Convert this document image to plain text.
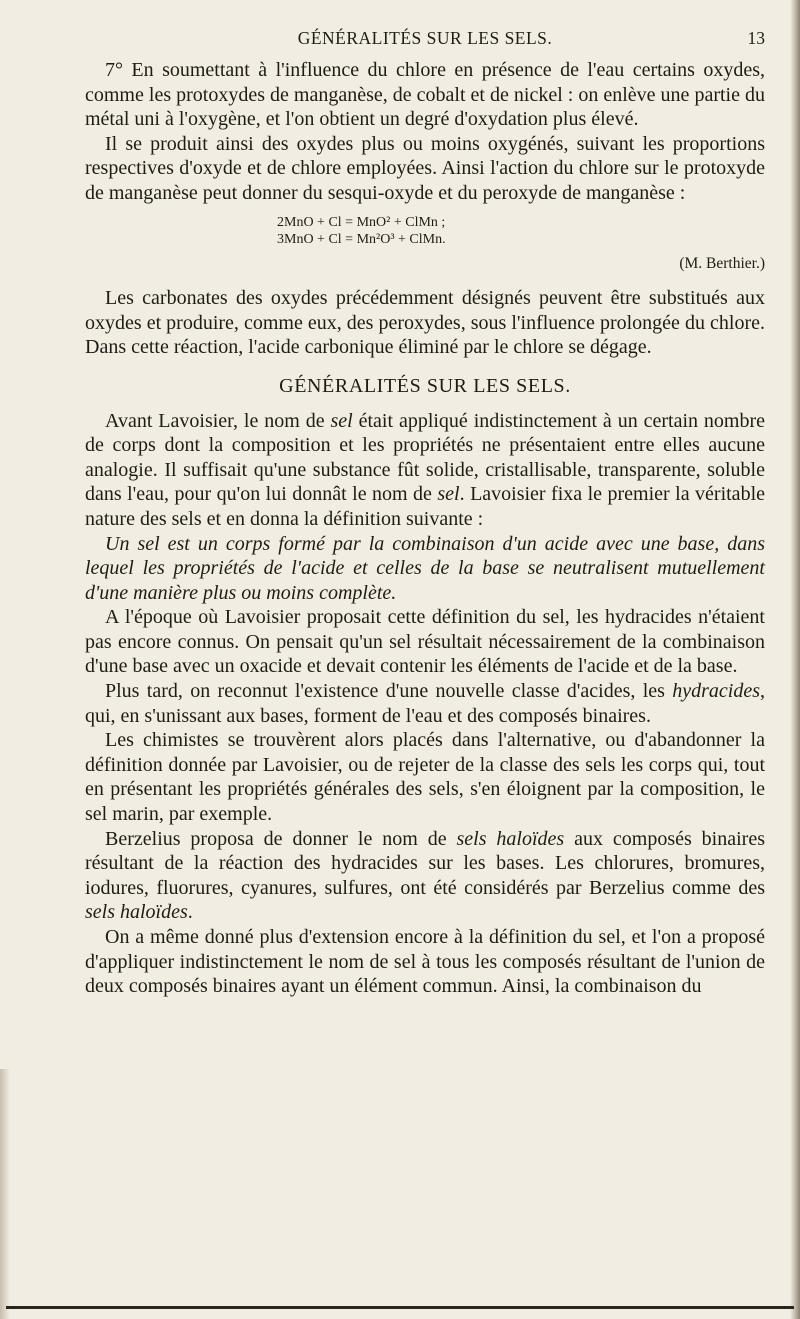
GÉNÉRALITÉS SUR LES SELS.	13

7° En soumettant à l'influence du chlore en présence de l'eau certains oxydes, comme les protoxydes de manganèse, de cobalt et de nickel : on enlève une partie du métal uni à l'oxygène, et l'on obtient un degré d'oxydation plus élevé.

Il se produit ainsi des oxydes plus ou moins oxygénés, suivant les proportions respectives d'oxyde et de chlore employées. Ainsi l'action du chlore sur le protoxyde de manganèse peut donner du sesqui-oxyde et du peroxyde de manganèse :

2MnO + Cl = MnO² + ClMn ;
3MnO + Cl = Mn²O³ + ClMn.
(M. Berthier.)

Les carbonates des oxydes précédemment désignés peuvent être substitués aux oxydes et produire, comme eux, des peroxydes, sous l'influence prolongée du chlore. Dans cette réaction, l'acide carbonique éliminé par le chlore se dégage.

GÉNÉRALITÉS SUR LES SELS.

Avant Lavoisier, le nom de sel était appliqué indistinctement à un certain nombre de corps dont la composition et les propriétés ne présentaient entre elles aucune analogie. Il suffisait qu'une substance fût solide, cristallisable, transparente, soluble dans l'eau, pour qu'on lui donnât le nom de sel. Lavoisier fixa le premier la véritable nature des sels et en donna la définition suivante :

Un sel est un corps formé par la combinaison d'un acide avec une base, dans lequel les propriétés de l'acide et celles de la base se neutralisent mutuellement d'une manière plus ou moins complète.

A l'époque où Lavoisier proposait cette définition du sel, les hydracides n'étaient pas encore connus. On pensait qu'un sel résultait nécessairement de la combinaison d'une base avec un oxacide et devait contenir les éléments de l'acide et de la base.

Plus tard, on reconnut l'existence d'une nouvelle classe d'acides, les hydracides, qui, en s'unissant aux bases, forment de l'eau et des composés binaires.

Les chimistes se trouvèrent alors placés dans l'alternative, ou d'abandonner la définition donnée par Lavoisier, ou de rejeter de la classe des sels les corps qui, tout en présentant les propriétés générales des sels, s'en éloignent par la composition, le sel marin, par exemple.

Berzelius proposa de donner le nom de sels haloïdes aux composés binaires résultant de la réaction des hydracides sur les bases. Les chlorures, bromures, iodures, fluorures, cyanures, sulfures, ont été considérés par Berzelius comme des sels haloïdes.

On a même donné plus d'extension encore à la définition du sel, et l'on a proposé d'appliquer indistinctement le nom de sel à tous les composés résultant de l'union de deux composés binaires ayant un élément commun. Ainsi, la combinaison du
